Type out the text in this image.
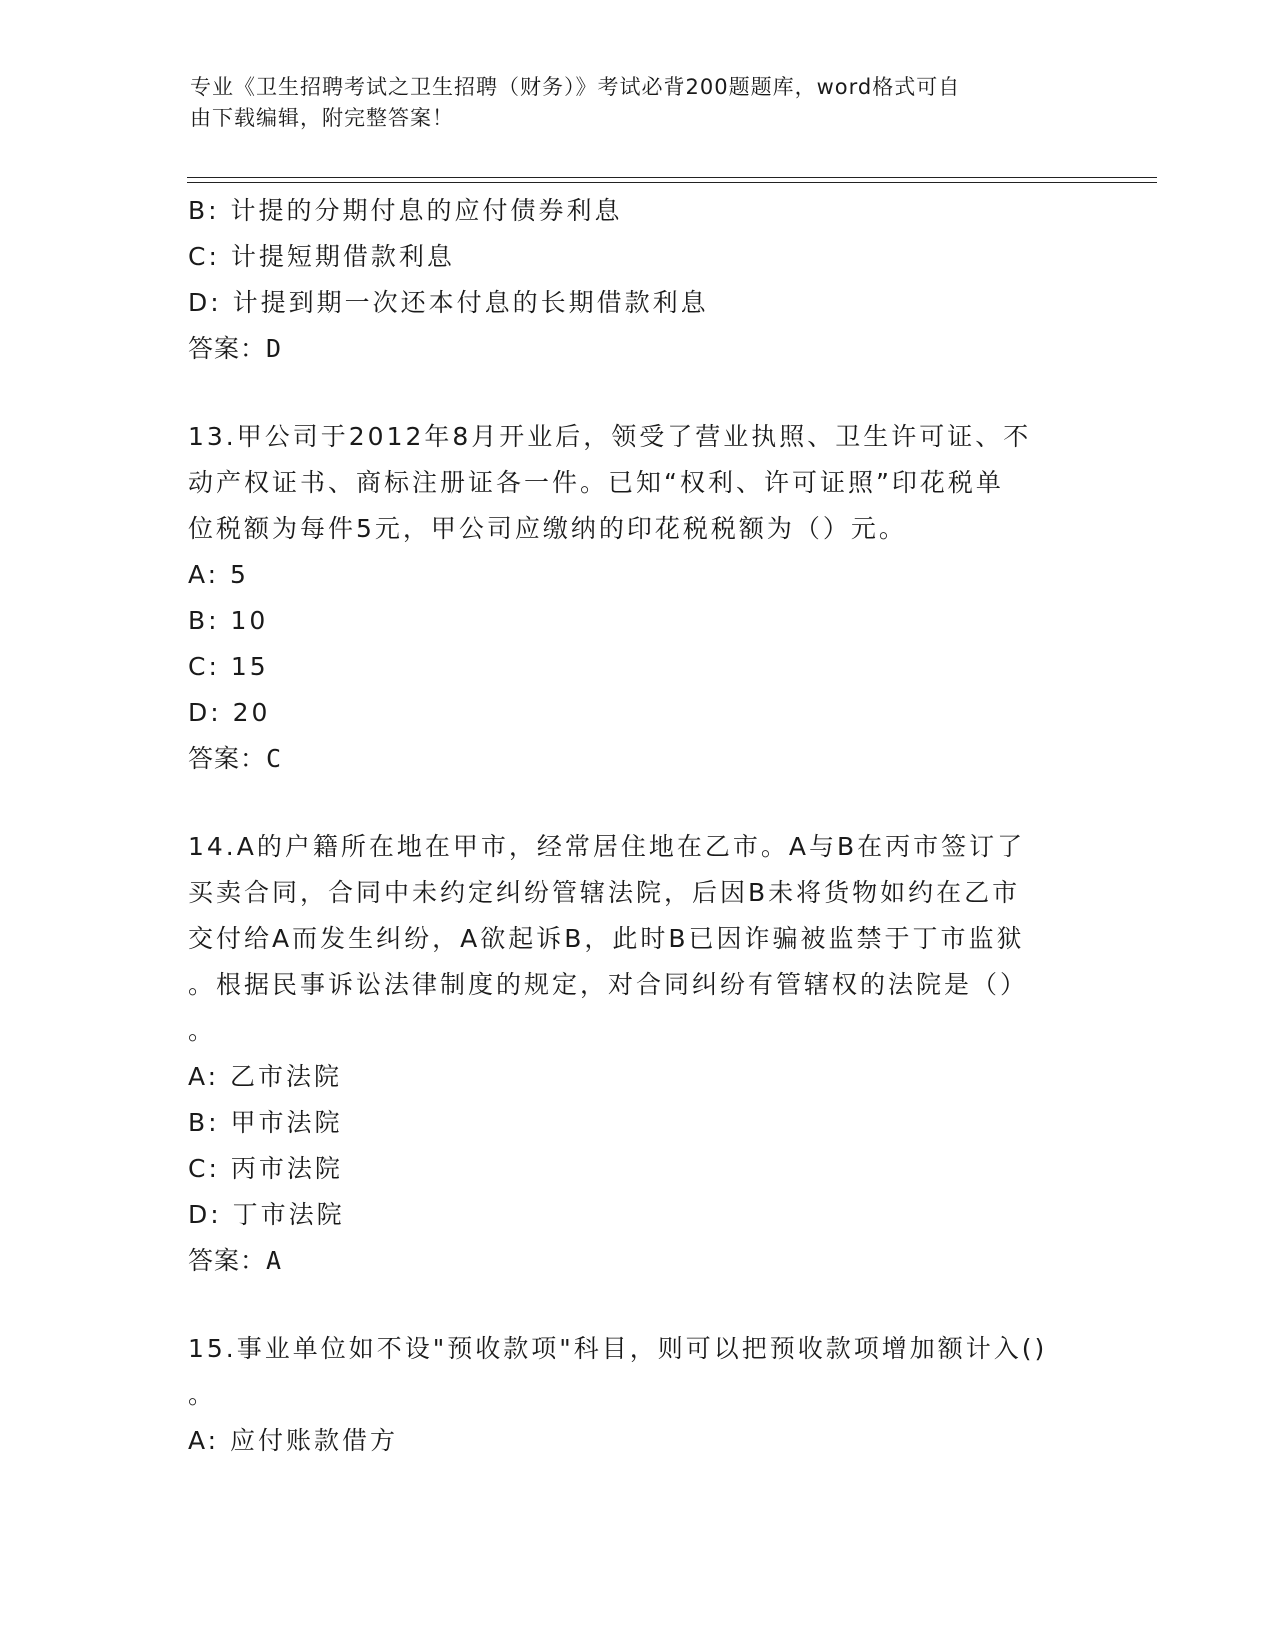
专业《卫生招聘考试之卫生招聘（财务）》考试必背200题题库，word格式可自
由下载编辑，附完整答案！
B: 计提的分期付息的应付债券利息
C: 计提短期借款利息
D: 计提到期一次还本付息的长期借款利息
答案：D
13.甲公司于2012年8月开业后，领受了营业执照、卫生许可证、不
动产权证书、商标注册证各一件。已知“权利、许可证照”印花税单
位税额为每件5元，甲公司应缴纳的印花税税额为（）元。
A: 5
B: 10
C: 15
D: 20
答案：C
14.A的户籍所在地在甲市，经常居住地在乙市。A与B在丙市签订了
买卖合同，合同中未约定纠纷管辖法院，后因B未将货物如约在乙市
交付给A而发生纠纷，A欲起诉B，此时B已因诈骗被监禁于丁市监狱
。根据民事诉讼法律制度的规定，对合同纠纷有管辖权的法院是（）
。
A: 乙市法院
B: 甲市法院
C: 丙市法院
D: 丁市法院
答案：A
15.事业单位如不设"预收款项"科目，则可以把预收款项增加额计入()
。
A: 应付账款借方
